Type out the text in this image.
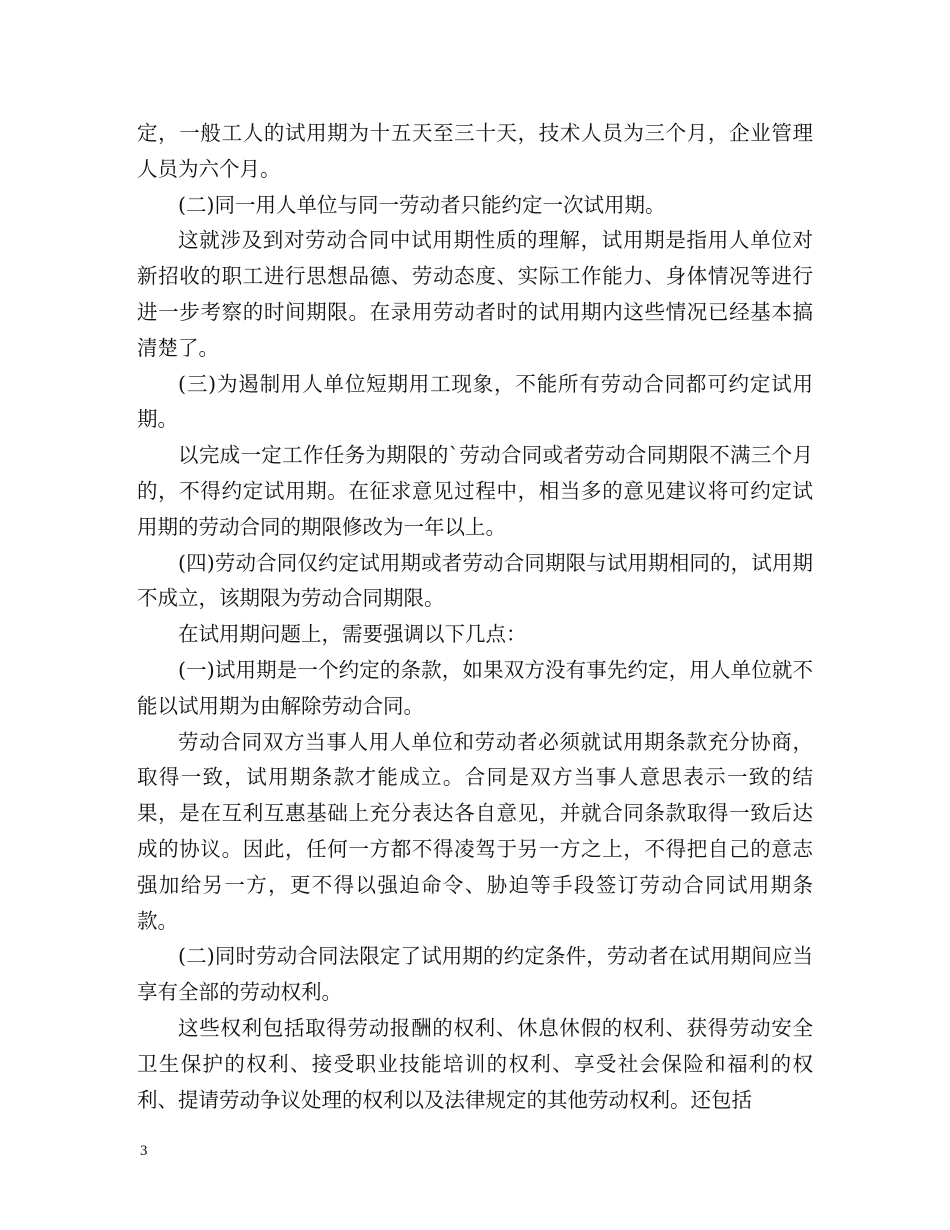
定，一般工人的试用期为十五天至三十天，技术人员为三个月，企业管理人员为六个月。

(二)同一用人单位与同一劳动者只能约定一次试用期。

这就涉及到对劳动合同中试用期性质的理解，试用期是指用人单位对新招收的职工进行思想品德、劳动态度、实际工作能力、身体情况等进行进一步考察的时间期限。在录用劳动者时的试用期内这些情况已经基本搞清楚了。

(三)为遏制用人单位短期用工现象，不能所有劳动合同都可约定试用期。

以完成一定工作任务为期限的`劳动合同或者劳动合同期限不满三个月的，不得约定试用期。在征求意见过程中，相当多的意见建议将可约定试用期的劳动合同的期限修改为一年以上。

(四)劳动合同仅约定试用期或者劳动合同期限与试用期相同的，试用期不成立，该期限为劳动合同期限。

在试用期问题上，需要强调以下几点：

(一)试用期是一个约定的条款，如果双方没有事先约定，用人单位就不能以试用期为由解除劳动合同。

劳动合同双方当事人用人单位和劳动者必须就试用期条款充分协商，取得一致，试用期条款才能成立。合同是双方当事人意思表示一致的结果，是在互利互惠基础上充分表达各自意见，并就合同条款取得一致后达成的协议。因此，任何一方都不得凌驾于另一方之上，不得把自己的意志强加给另一方，更不得以强迫命令、胁迫等手段签订劳动合同试用期条款。

(二)同时劳动合同法限定了试用期的约定条件，劳动者在试用期间应当享有全部的劳动权利。

这些权利包括取得劳动报酬的权利、休息休假的权利、获得劳动安全卫生保护的权利、接受职业技能培训的权利、享受社会保险和福利的权利、提请劳动争议处理的权利以及法律规定的其他劳动权利。还包括

3
